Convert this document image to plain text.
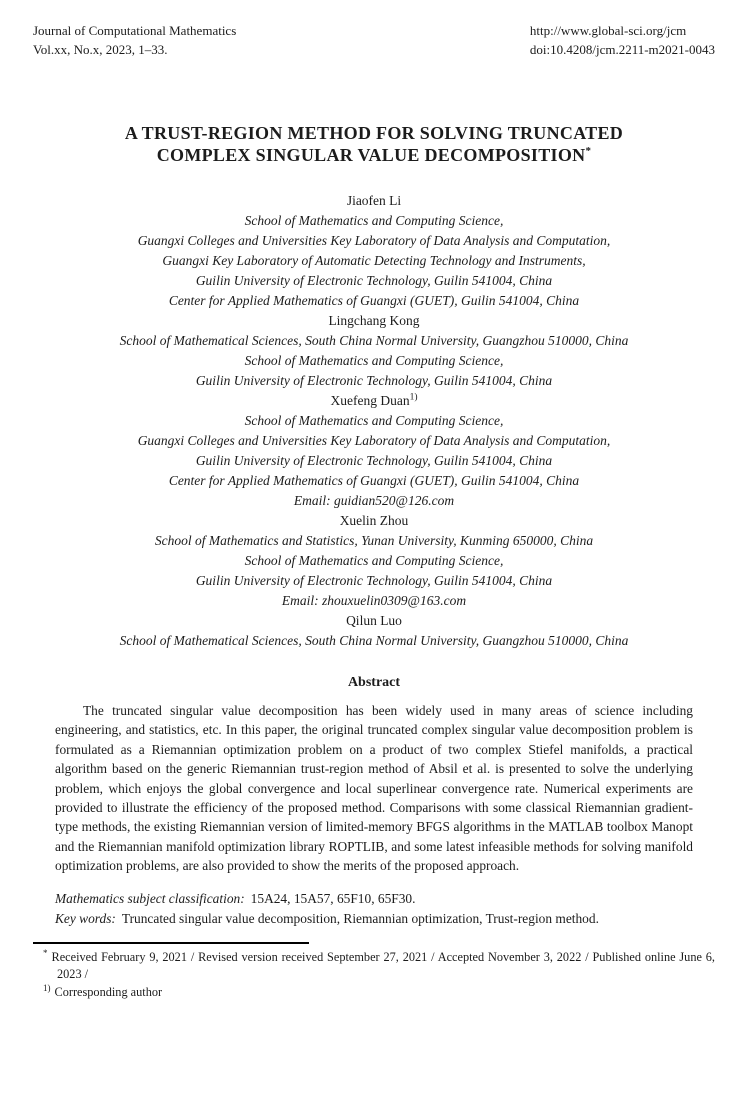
Journal of Computational Mathematics
Vol.xx, No.x, 2023, 1–33.
http://www.global-sci.org/jcm
doi:10.4208/jcm.2211-m2021-0043
A TRUST-REGION METHOD FOR SOLVING TRUNCATED
COMPLEX SINGULAR VALUE DECOMPOSITION*
Jiaofen Li
School of Mathematics and Computing Science,
Guangxi Colleges and Universities Key Laboratory of Data Analysis and Computation,
Guangxi Key Laboratory of Automatic Detecting Technology and Instruments,
Guilin University of Electronic Technology, Guilin 541004, China
Center for Applied Mathematics of Guangxi (GUET), Guilin 541004, China
Lingchang Kong
School of Mathematical Sciences, South China Normal University, Guangzhou 510000, China
School of Mathematics and Computing Science,
Guilin University of Electronic Technology, Guilin 541004, China
Xuefeng Duan$^{1)}$
School of Mathematics and Computing Science,
Guangxi Colleges and Universities Key Laboratory of Data Analysis and Computation,
Guilin University of Electronic Technology, Guilin 541004, China
Center for Applied Mathematics of Guangxi (GUET), Guilin 541004, China
Email: guidian520@126.com
Xuelin Zhou
School of Mathematics and Statistics, Yunan University, Kunming 650000, China
School of Mathematics and Computing Science,
Guilin University of Electronic Technology, Guilin 541004, China
Email: zhouxuelin0309@163.com
Qilun Luo
School of Mathematical Sciences, South China Normal University, Guangzhou 510000, China
Abstract

The truncated singular value decomposition has been widely used in many areas of science including engineering, and statistics, etc. In this paper, the original truncated complex singular value decomposition problem is formulated as a Riemannian optimization problem on a product of two complex Stiefel manifolds, a practical algorithm based on the generic Riemannian trust-region method of Absil et al. is presented to solve the underlying problem, which enjoys the global convergence and local superlinear convergence rate. Numerical experiments are provided to illustrate the efficiency of the proposed method. Comparisons with some classical Riemannian gradient-type methods, the existing Riemannian version of limited-memory BFGS algorithms in the MATLAB toolbox Manopt and the Riemannian manifold optimization library ROPTLIB, and some latest infeasible methods for solving manifold optimization problems, are also provided to show the merits of the proposed approach.

Mathematics subject classification: 15A24, 15A57, 65F10, 65F30.
Key words: Truncated singular value decomposition, Riemannian optimization, Trust-region method.
* Received February 9, 2021 / Revised version received September 27, 2021 / Accepted November 3, 2022 / Published online June 6, 2023 /
$^{1)}$ Corresponding author
